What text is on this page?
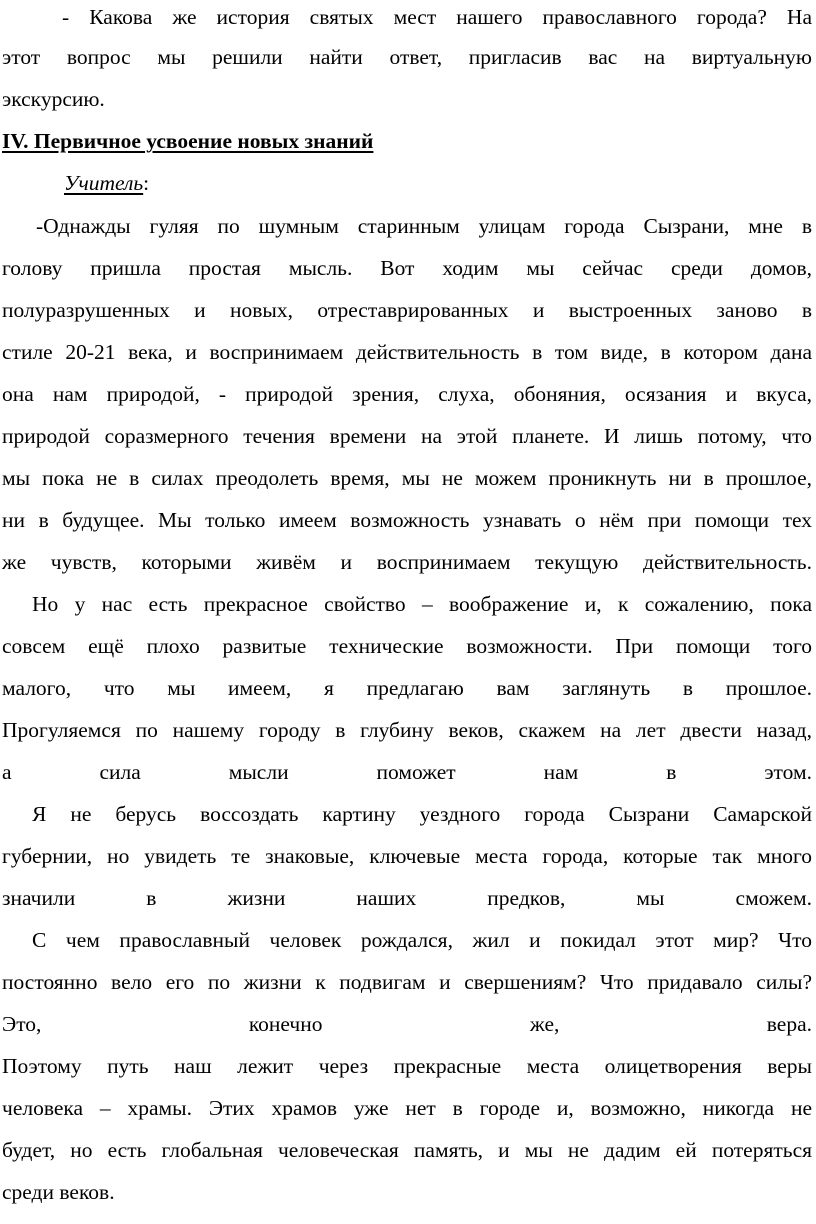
- Какова же история святых мест нашего православного города? На
этот вопрос мы решили найти ответ, пригласив вас на виртуальную
экскурсию.
IV. Первичное усвоение новых знаний
Учитель:
-Однажды гуляя по шумным старинным улицам города Сызрани, мне в
голову пришла простая мысль. Вот ходим мы сейчас среди домов,
полуразрушенных и новых, отреставрированных и выстроенных заново в
стиле 20-21 века, и воспринимаем действительность в том виде, в котором дана
она нам природой, - природой зрения, слуха, обоняния, осязания и вкуса,
природой соразмерного течения времени на этой планете. И лишь потому, что
мы пока не в силах преодолеть время, мы не можем проникнуть ни в прошлое,
ни в будущее. Мы только имеем возможность узнавать о нём при помощи тех
же чувств, которыми живём и воспринимаем текущую действительность.
Но у нас есть прекрасное свойство – воображение и, к сожалению, пока
совсем ещё плохо развитые технические возможности. При помощи того
малого, что мы имеем, я предлагаю вам заглянуть в прошлое.
Прогуляемся по нашему городу в глубину веков, скажем на лет двести назад,
а сила мысли поможет нам в этом.
Я не берусь воссоздать картину уездного города Сызрани Самарской
губернии, но увидеть те знаковые, ключевые места города, которые так много
значили в жизни наших предков, мы сможем.
С чем православный человек рождался, жил и покидал этот мир? Что
постоянно вело его по жизни к подвигам и свершениям? Что придавало силы?
Это, конечно же, вера.
Поэтому путь наш лежит через прекрасные места олицетворения веры
человека – храмы. Этих храмов уже нет в городе и, возможно, никогда не
будет, но есть глобальная человеческая память, и мы не дадим ей потеряться
среди веков.
